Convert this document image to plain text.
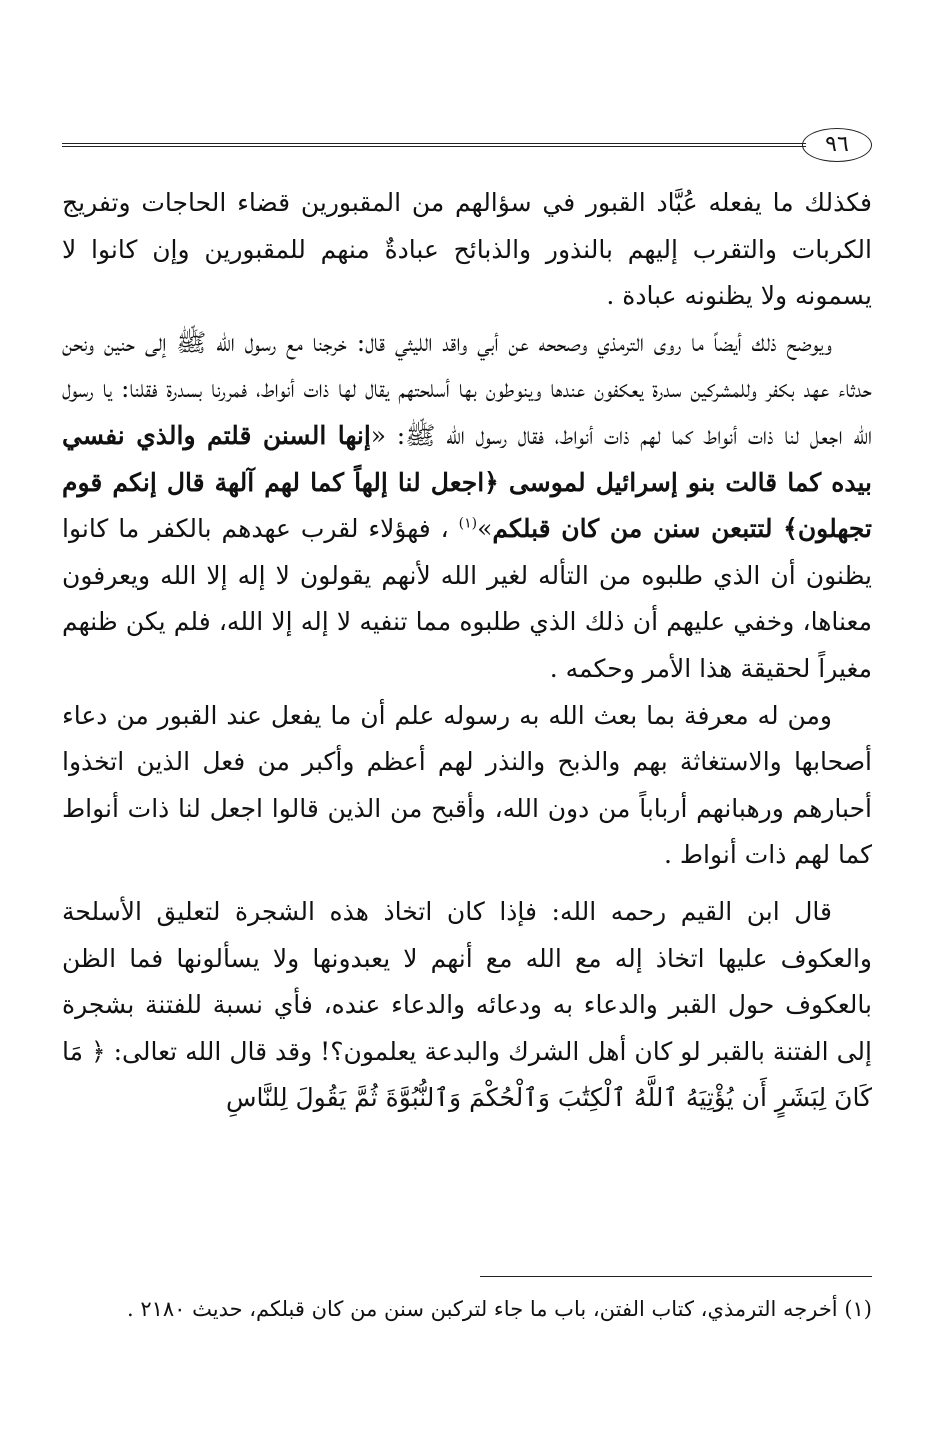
٩٦

فكذلك ما يفعله عُبَّاد القبور في سؤالهم من المقبورين قضاء الحاجات وتفريج الكربات والتقرب إليهم بالنذور والذبائح عبادةٌ منهم للمقبورين وإن كانوا لا يسمونه ولا يظنونه عبادة .

ويوضح ذلك أيضاً ما روى الترمذي وصححه عن أبي واقد الليثي قال: خرجنا مع رسول الله ﷺ إلى حنين ونحن حدثاء عهد بكفر وللمشركين سدرة يعكفون عندها وينوطون بها أسلحتهم يقال لها ذات أنواط، فمررنا بسدرة فقلنا: يا رسول الله اجعل لنا ذات أنواط كما لهم ذات أنواط، فقال رسول الله ﷺ: «إنها السنن قلتم والذي نفسي بيده كما قالت بنو إسرائيل لموسى ﴿اجعل لنا إلهاً كما لهم آلهة قال إنكم قوم تجهلون﴾ لتتبعن سنن من كان قبلكم»$^{(١)}$ ، فهؤلاء لقرب عهدهم بالكفر ما كانوا يظنون أن الذي طلبوه من التأله لغير الله لأنهم يقولون لا إله إلا الله ويعرفون معناها، وخفي عليهم أن ذلك الذي طلبوه مما تنفيه لا إله إلا الله، فلم يكن ظنهم مغيراً لحقيقة هذا الأمر وحكمه .

ومن له معرفة بما بعث الله به رسوله علم أن ما يفعل عند القبور من دعاء أصحابها والاستغاثة بهم والذبح والنذر لهم أعظم وأكبر من فعل الذين اتخذوا أحبارهم ورهبانهم أرباباً من دون الله، وأقبح من الذين قالوا اجعل لنا ذات أنواط كما لهم ذات أنواط .

قال ابن القيم رحمه الله: فإذا كان اتخاذ هذه الشجرة لتعليق الأسلحة والعكوف عليها اتخاذ إله مع الله مع أنهم لا يعبدونها ولا يسألونها فما الظن بالعكوف حول القبر والدعاء به ودعائه والدعاء عنده، فأي نسبة للفتنة بشجرة إلى الفتنة بالقبر لو كان أهل الشرك والبدعة يعلمون؟! وقد قال الله تعالى: ﴿ مَا كَانَ لِبَشَرٍ أَن يُؤْتِيَهُ ٱللَّهُ ٱلْكِتَٰبَ وَٱلْحُكْمَ وَٱلنُّبُوَّةَ ثُمَّ يَقُولَ لِلنَّاسِ

(١) أخرجه الترمذي، كتاب الفتن، باب ما جاء لتركبن سنن من كان قبلكم، حديث ٢١٨٠ .
